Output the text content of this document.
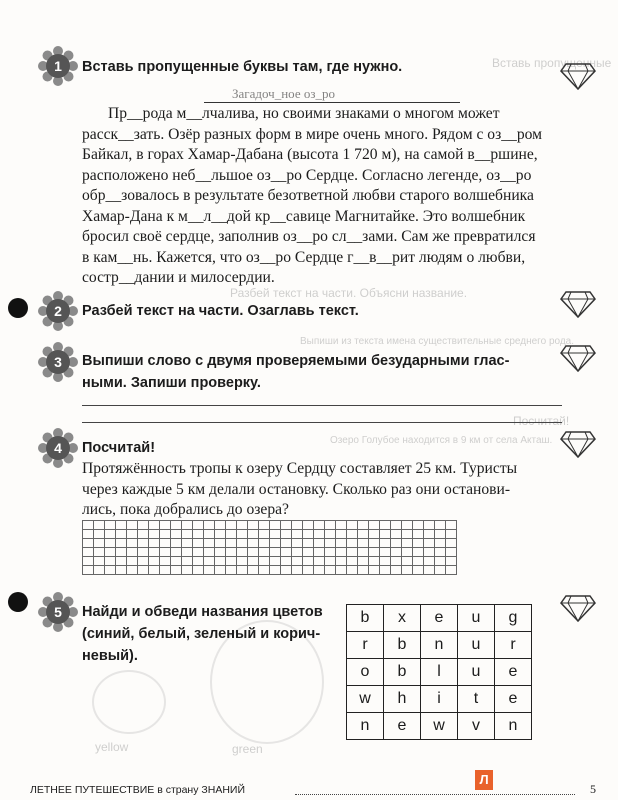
Вставь пропущенные
Разбей текст на части. Объясни название.
Выпиши из текста имена существительные среднего рода.
Посчитай!
Озеро Голубое находится в 9 км от села Акташ.
yellow	green
1	Вставь пропущенные буквы там, где нужно.
Загадоч_ное оз_ро
Пр__рода м__лчалива, но своими знаками о многом может
расск__зать. Озёр разных форм в мире очень много. Рядом с оз__ром
Байкал, в горах Хамар-Дабана (высота 1 720 м), на самой в__ршине,
расположено неб__льшое оз__ро Сердце. Согласно легенде, оз__ро
обр__зовалось в результате безответной любви старого волшебника
Хамар-Дана к м__л__дой кр__савице Магнитайке. Это волшебник
бросил своё сердце, заполнив оз__ро сл__зами. Сам же превратился
в кам__нь. Кажется, что оз__ро Сердце г__в__рит людям о любви,
состр__дании и милосердии.
2	Разбей текст на части. Озаглавь текст.
3	Выпиши слово с двумя проверяемыми безударными глас-
ными. Запиши проверку.
4	Посчитай!
Протяжённость тропы к озеру Сердцу составляет 25 км. Туристы
через каждые 5 км делали остановку. Сколько раз они останови-
лись, пока добрались до озера?
5	Найди и обведи названия цветов
(синий, белый, зеленый и корич-
невый).
b	x	e	u	g
r	b	n	u	r
o	b	l	u	e
w	h	i	t	e
n	e	w	v	n
Л
ЛЕТНЕЕ ПУТЕШЕСТВИЕ в страну ЗНАНИЙ	5
